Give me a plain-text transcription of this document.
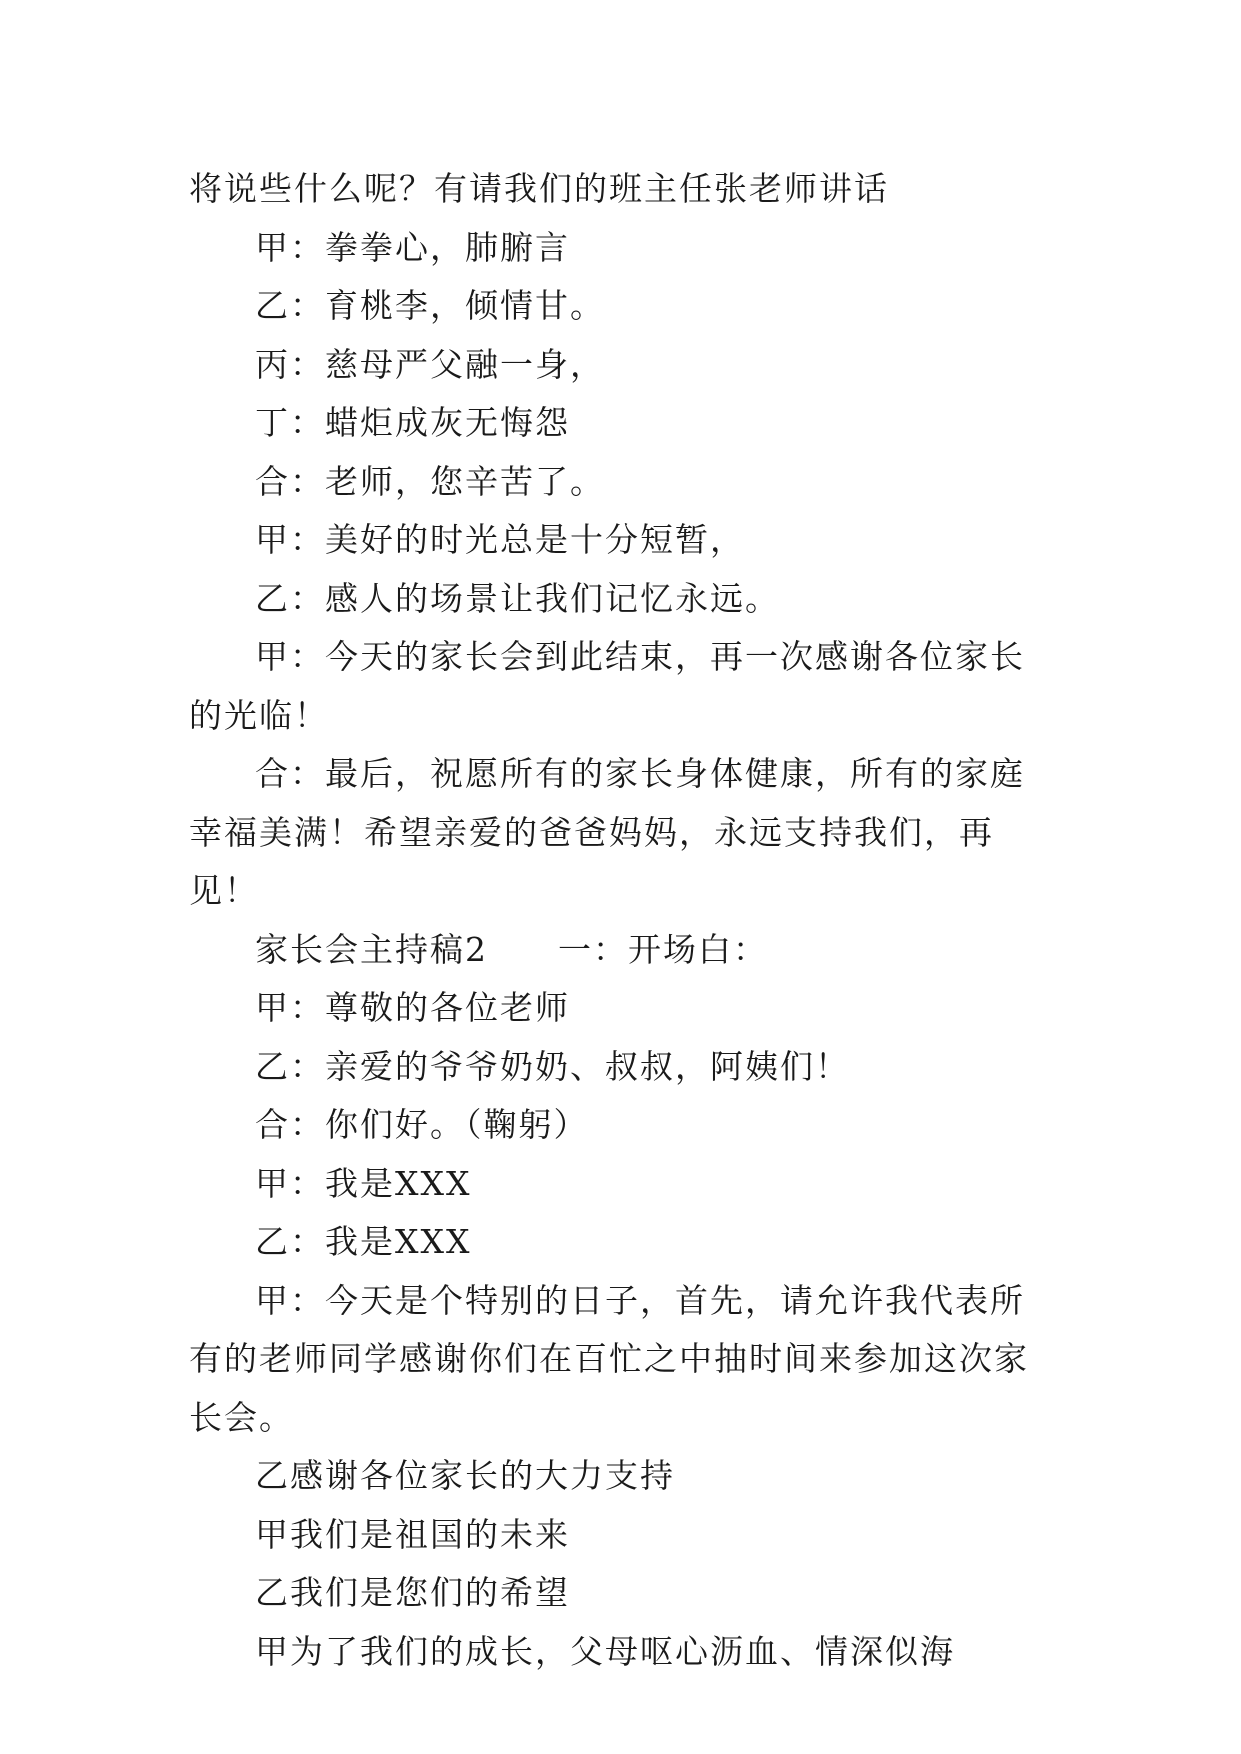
将说些什么呢？有请我们的班主任张老师讲话

甲：拳拳心，肺腑言

乙：育桃李，倾情甘。

丙：慈母严父融一身，

丁：蜡炬成灰无悔怨

合：老师，您辛苦了。

甲：美好的时光总是十分短暂，

乙：感人的场景让我们记忆永远。

甲：今天的家长会到此结束，再一次感谢各位家长的光临！

合：最后，祝愿所有的家长身体健康，所有的家庭幸福美满！希望亲爱的爸爸妈妈，永远支持我们，再见！

家长会主持稿2　　一：开场白：

甲：尊敬的各位老师

乙：亲爱的爷爷奶奶、叔叔，阿姨们！

合：你们好。（鞠躬）

甲：我是XXX

乙：我是XXX

甲：今天是个特别的日子，首先，请允许我代表所有的老师同学感谢你们在百忙之中抽时间来参加这次家长会。

乙感谢各位家长的大力支持

甲我们是祖国的未来

乙我们是您们的希望

甲为了我们的成长，父母呕心沥血、情深似海
